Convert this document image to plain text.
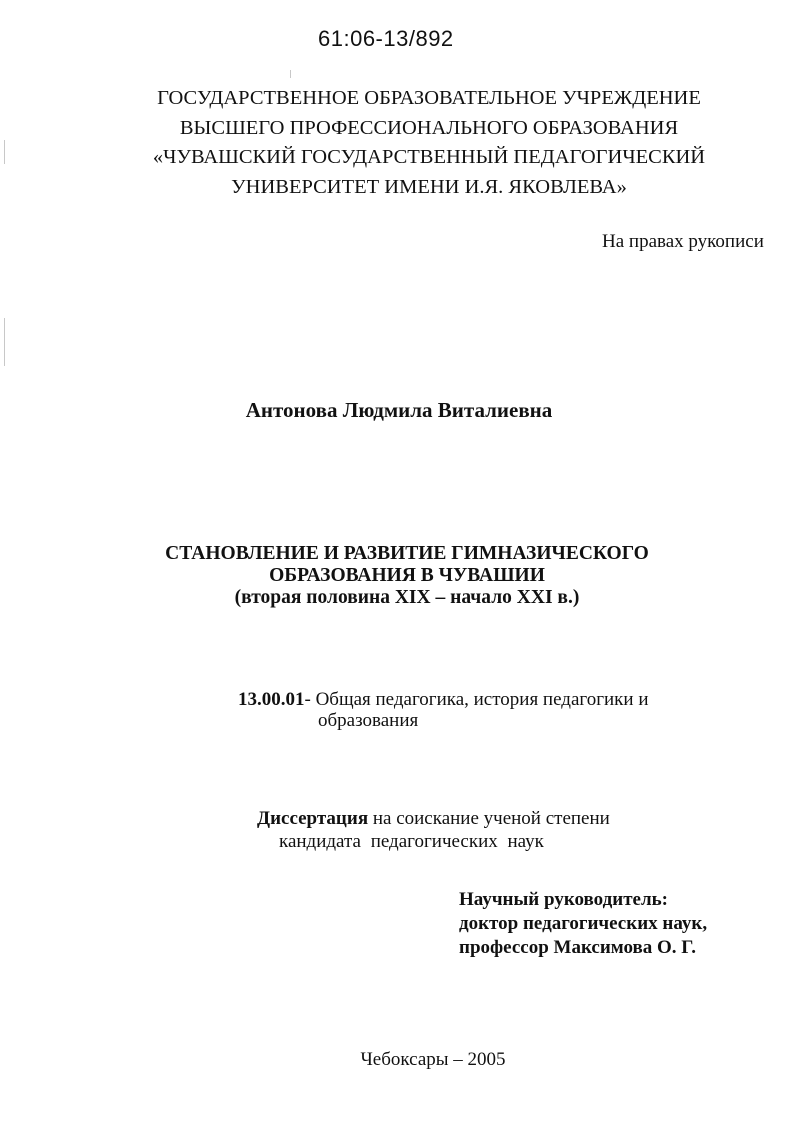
61:06-13/892
ГОСУДАРСТВЕННОЕ ОБРАЗОВАТЕЛЬНОЕ УЧРЕЖДЕНИЕ
ВЫСШЕГО ПРОФЕССИОНАЛЬНОГО ОБРАЗОВАНИЯ
«ЧУВАШСКИЙ ГОСУДАРСТВЕННЫЙ ПЕДАГОГИЧЕСКИЙ
УНИВЕРСИТЕТ ИМЕНИ И.Я. ЯКОВЛЕВА»
На правах рукописи
Антонова Людмила Виталиевна
СТАНОВЛЕНИЕ И РАЗВИТИЕ ГИМНАЗИЧЕСКОГО
ОБРАЗОВАНИЯ В ЧУВАШИИ
(вторая половина XIX – начало XXI в.)
13.00.01- Общая педагогика, история педагогики и
образования
Диссертация на соискание ученой степени
кандидата педагогических наук
Научный руководитель:
доктор педагогических наук,
профессор Максимова О. Г.
Чебоксары – 2005
